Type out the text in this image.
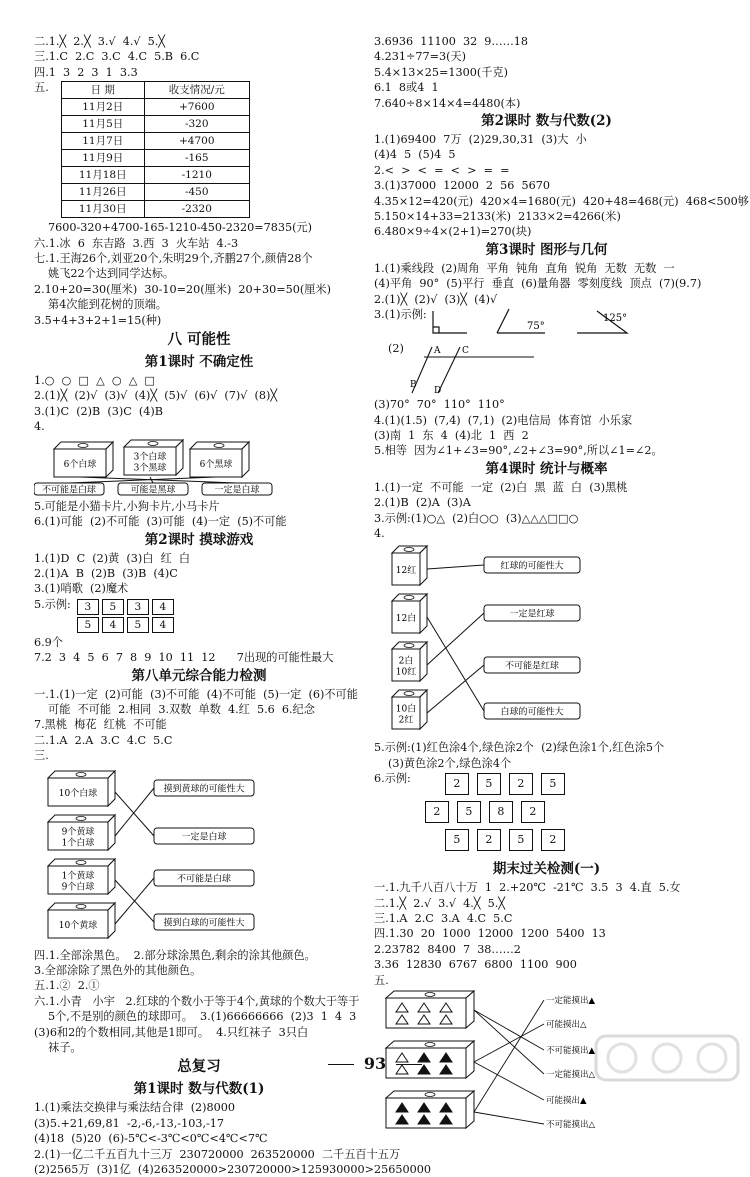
二.1.╳  2.╳  3.√  4.√  5.╳
三.1.C  2.C  3.C  4.C  5.B  6.C
四.1  3  2  3  1  3.3
五.	日 期	收支情况/元
11月2日	+7600
11月5日	-320
11月7日	+4700
11月9日	-165
11月18日	-1210
11月26日	-450
11月30日	-2320
7600-320+4700-165-1210-450-2320=7835(元)
六.1.冰  6  东吉路  3.西  3  火车站  4.-3
七.1.王海26个,刘亚20个,朱明29个,齐鹏27个,颜倩28个
姚飞22个达到同学达标。
2.10+20=30(厘米)  30-10=20(厘米)  20+30=50(厘米)
第4次能到花树的顶端。
3.5+4+3+2+1=15(种)
八 可能性
第1课时 不确定性
1.○  ○  □  △  ○  △  □
2.(1)╳  (2)√  (3)√  (4)╳  (5)√  (6)√  (7)√  (8)╳
3.(1)C  (2)B  (3)C  (4)B
4.
6个白球
3个白球
3个黑球	6个黑球
不可能是白球	可能是黑球	一定是白球
5.可能是小猫卡片,小狗卡片,小马卡片
6.(1)可能  (2)不可能  (3)可能  (4)一定  (5)不可能
第2课时 摸球游戏
1.(1)D  C  (2)黄  (3)白  红  白
2.(1)A  B  (2)B  (3)B  (4)C
3.(1)哨歌  (2)魔术
5.示例:	3	5	3	4
5	4	5	4
6.9个
7.2  3  4  5  6  7  8  9  10  11  12      7出现的可能性最大
第八单元综合能力检测
一.1.(1)一定  (2)可能  (3)不可能  (4)不可能  (5)一定  (6)不可能
可能  不可能  2.相同  3.双数  单数  4.红  5.6  6.纪念
7.黑桃  梅花  红桃  不可能
二.1.A  2.A  3.C  4.C  5.C
三.
10个白球
9个黄球
1个白球
1个黄球
9个白球
10个黄球
摸到黄球的可能性大
一定是白球
不可能是白球
摸到白球的可能性大
四.1.全部涂黑色。  2.部分球涂黑色,剩余的涂其他颜色。
3.全部涂除了黑色外的其他颜色。
五.1.②  2.①
六.1.小青   小宇   2.红球的个数小于等于4个,黄球的个数大于等于
5个,不是别的颜色的球即可。  3.(1)66666666  (2)3  1  4  3
(3)6和2的个数相同,其他是1即可。  4.只红袜子  3只白
袜子。
总复习
第1课时 数与代数(1)
1.(1)乘法交换律与乘法结合律  (2)8000
(3)5.+21,69,81  -2,-6,-13,-103,-17
(4)18  (5)20  (6)-5℃<-3℃<0℃<4℃<7℃
2.(1)一亿二千五百九十三万  230720000  263520000  二千五百十五万
(2)2565万  (3)1亿  (4)263520000>230720000>125930000>25650000
3.6936  11100  32  9……18
4.231÷77=3(天)
5.4×13×25=1300(千克)
6.1  8或4  1
7.640÷8×14×4=4480(本)
第2课时 数与代数(2)
1.(1)69400  7万  (2)29,30,31  (3)大  小
(4)4  5  (5)4  5
2.<  >  <  =  <  >  =  =
3.(1)37000  12000  2  56  5670
4.35×12=420(元)  420×4=1680(元)  420+48=468(元)  468<500够
5.150×14+33=2133(米)  2133×2=4266(米)
6.480×9÷4×(2+1)=270(块)
第3课时 图形与几何
1.(1)乘线段  (2)周角  平角  钝角  直角  锐角  无数  无数  一
(4)平角  90°  (5)平行  垂直  (6)量角器  零刻度线  顶点  (7)(9.7)
2.(1)╳  (2)√  (3)╳  (4)√
3.(1)示例:
75°
125°
(2)	A C
B
D
(3)70°  70°  110°  110°
4.(1)(1.5)  (7,4)  (7,1)  (2)电信局  体育馆  小乐家
(3)南  1  东  4  (4)北  1  西  2
5.相等  因为∠1+∠3=90°,∠2+∠3=90°,所以∠1=∠2。
第4课时 统计与概率
1.(1)一定  不可能  一定  (2)白  黑  蓝  白  (3)黑桃
2.(1)B  (2)A  (3)A
3.示例:(1)○△  (2)白○○  (3)△△△□□○
4.
12红
12白
2白
10红
10白
2红
红球的可能性大
一定是红球
不可能是红球
白球的可能性大
5.示例:(1)红色涂4个,绿色涂2个  (2)绿色涂1个,红色涂5个
(3)黄色涂2个,绿色涂4个
6.示例:	2	5	2	5
2	5	8	2
5	2	5	2
期末过关检测(一)
一.1.九千八百八十万  1  2.+20℃  -21℃  3.5  3  4.直  5.女
二.1.╳  2.√  3.√  4.╳  5.╳
三.1.A  2.C  3.A  4.C  5.C
四.1.30  20  1000  12000  1200  5400  13
2.23782  8400  7  38……2
3.36  12830  6767  6800  1100  900
五.
一定能摸出▲
可能摸出△
不可能摸出▲
一定能摸出△
可能摸出▲
不可能摸出△
93
